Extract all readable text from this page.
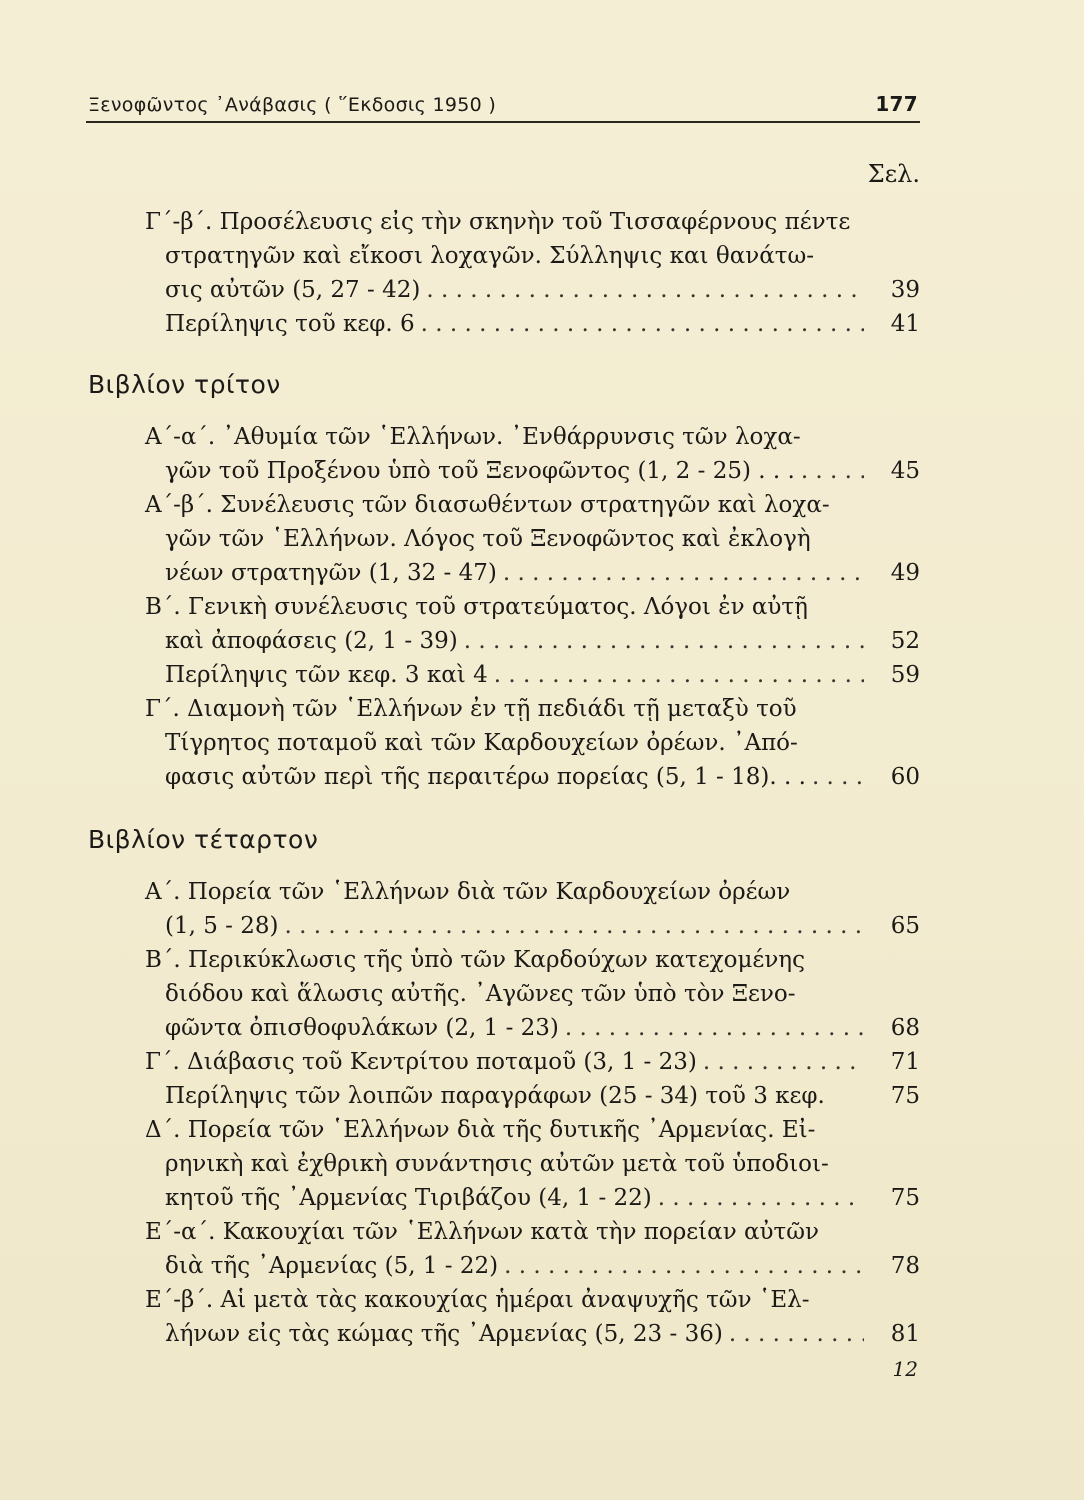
Ξενοφῶντος ᾿Ανάβασις ( ῞Εκδοσις 1950 )	177
Σελ.
Γ΄-β΄. Προσέλευσις εἰς τὴν σκηνὴν τοῦ Τισσαφέρνους πέντε
στρατηγῶν καὶ εἴκοσι λοχαγῶν. Σύλληψις και θανάτω-
σις αὐτῶν (5, 27 - 42) . . .	39
Περίληψις τοῦ κεφ. 6 . . .	41
Βιβλίον τρίτον
Α΄-α΄. ᾿Αθυμία τῶν ῾Ελλήνων. ᾿Ενθάρρυνσις τῶν λοχα-
γῶν τοῦ Προξένου ὑπὸ τοῦ Ξενοφῶντος (1, 2 - 25) . . . . . .	45
Α΄-β΄. Συνέλευσις τῶν διασωθέντων στρατηγῶν καὶ λοχα-
γῶν τῶν ῾Ελλήνων. Λόγος τοῦ Ξενοφῶντος καὶ ἐκλογὴ
νέων στρατηγῶν (1, 32 - 47) . . .	49
Β΄. Γενικὴ συνέλευσις τοῦ στρατεύματος. Λόγοι ἐν αὐτῇ
καὶ ἀποφάσεις (2, 1 - 39) . . .	52
Περίληψις τῶν κεφ. 3 καὶ 4 . . .	59
Γ΄. Διαμονὴ τῶν ῾Ελλήνων ἐν τῇ πεδιάδι τῇ μεταξὺ τοῦ
Τίγρητος ποταμοῦ καὶ τῶν Καρδουχείων ὀρέων. ᾿Από-
φασις αὐτῶν περὶ τῆς περαιτέρω πορείας (5, 1 - 18). . . . . .	60
Βιβλίον τέταρτον
Α΄. Πορεία τῶν ῾Ελλήνων διὰ τῶν Καρδουχείων ὀρέων
(1, 5 - 28) . . .	65
Β΄. Περικύκλωσις τῆς ὑπὸ τῶν Καρδούχων κατεχομένης
διόδου καὶ ἅλωσις αὐτῆς. ᾿Αγῶνες τῶν ὑπὸ τὸν Ξενο-
φῶντα ὀπισθοφυλάκων (2, 1 - 23) . . .	68
Γ΄. Διάβασις τοῦ Κεντρίτου ποταμοῦ (3, 1 - 23) . . .	71
Περίληψις τῶν λοιπῶν παραγράφων (25 - 34) τοῦ 3 κεφ.	75
Δ΄. Πορεία τῶν ῾Ελλήνων διὰ τῆς δυτικῆς ᾿Αρμενίας. Εἰ-
ρηνικὴ καὶ ἐχθρικὴ συνάντησις αὐτῶν μετὰ τοῦ ὑποδιοι-
κητοῦ τῆς ᾿Αρμενίας Τιριβάζου (4, 1 - 22) . . .	75
Ε΄-α΄. Κακουχίαι τῶν ῾Ελλήνων κατὰ τὴν πορείαν αὐτῶν
διὰ τῆς ᾿Αρμενίας (5, 1 - 22) . . .	78
Ε΄-β΄. Αἱ μετὰ τὰς κακουχίας ἡμέραι ἀναψυχῆς τῶν ῾Ελ-
λήνων εἰς τὰς κώμας τῆς ᾿Αρμενίας (5, 23 - 36) . . .	81
12
